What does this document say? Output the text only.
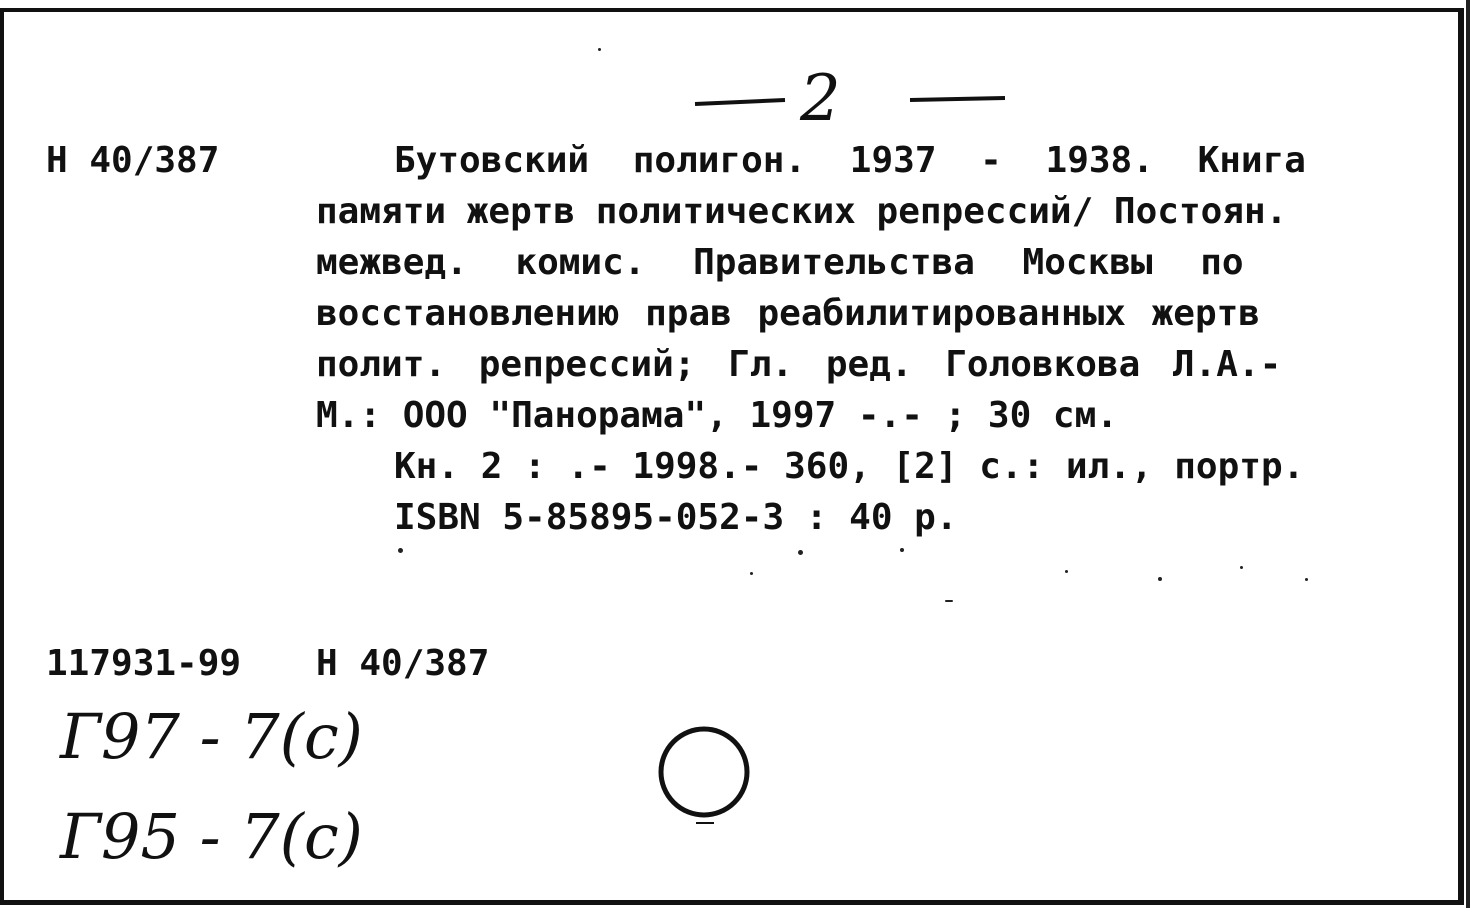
2
Н 40/387	Бутовский полигон. 1937 - 1938. Книга
памяти жертв политических репрессий/ Постоян.
межвед. комис. Правительства Москвы по
восстановлению прав реабилитированных жертв
полит. репрессий; Гл. ред. Головкова Л.А.-
М.: ООО "Панорама", 1997 -.- ; 30 см.
Кн. 2 : .- 1998.- 360, [2] с.: ил., портр.
ISBN 5-85895-052-3 : 40 р.
117931-99 Н 40/387
Г97 - 7(с)
Г95 - 7(с)
